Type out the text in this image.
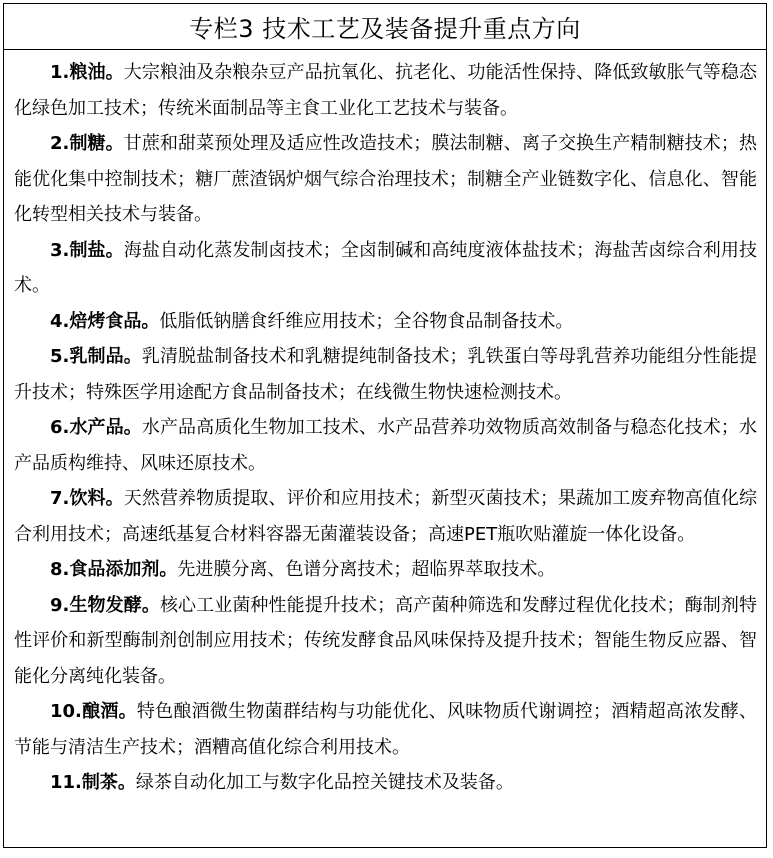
专栏3 技术工艺及装备提升重点方向

1.粮油。大宗粮油及杂粮杂豆产品抗氧化、抗老化、功能活性保持、降低致敏胀气等稳态化绿色加工技术；传统米面制品等主食工业化工艺技术与装备。

2.制糖。甘蔗和甜菜预处理及适应性改造技术；膜法制糖、离子交换生产精制糖技术；热能优化集中控制技术；糖厂蔗渣锅炉烟气综合治理技术；制糖全产业链数字化、信息化、智能化转型相关技术与装备。

3.制盐。海盐自动化蒸发制卤技术；全卤制碱和高纯度液体盐技术；海盐苦卤综合利用技术。

4.焙烤食品。低脂低钠膳食纤维应用技术；全谷物食品制备技术。

5.乳制品。乳清脱盐制备技术和乳糖提纯制备技术；乳铁蛋白等母乳营养功能组分性能提升技术；特殊医学用途配方食品制备技术；在线微生物快速检测技术。

6.水产品。水产品高质化生物加工技术、水产品营养功效物质高效制备与稳态化技术；水产品质构维持、风味还原技术。

7.饮料。天然营养物质提取、评价和应用技术；新型灭菌技术；果蔬加工废弃物高值化综合利用技术；高速纸基复合材料容器无菌灌装设备；高速PET瓶吹贴灌旋一体化设备。

8.食品添加剂。先进膜分离、色谱分离技术；超临界萃取技术。

9.生物发酵。核心工业菌种性能提升技术；高产菌种筛选和发酵过程优化技术；酶制剂特性评价和新型酶制剂创制应用技术；传统发酵食品风味保持及提升技术；智能生物反应器、智能化分离纯化装备。

10.酿酒。特色酿酒微生物菌群结构与功能优化、风味物质代谢调控；酒精超高浓发酵、节能与清洁生产技术；酒糟高值化综合利用技术。

11.制茶。绿茶自动化加工与数字化品控关键技术及装备。
